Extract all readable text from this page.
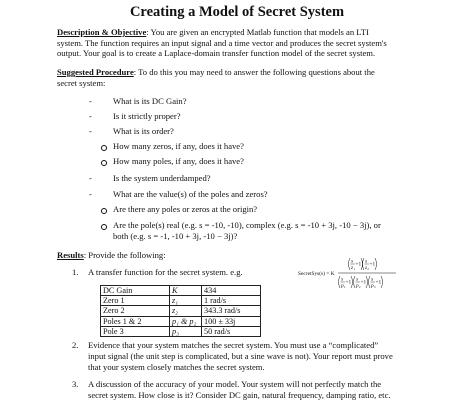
Creating a Model of Secret System
Description & Objective: You are given an encrypted Matlab function that models an LTI
system. The function requires an input signal and a time vector and produces the secret system's
output. Your goal is to create a Laplace-domain transfer function model of the secret system.
Suggested Procedure: To do this you may need to answer the following questions about the
secret system:
- What is its DC Gain?
- Is it strictly proper?
- What is its order?
How many zeros, if any, does it have?
How many poles, if any, does it have?
- Is the system underdamped?
- What are the value(s) of the poles and zeros?
Are there any poles or zeros at the origin?
Are the pole(s) real (e.g. s = -10, -10), complex (e.g. s = -10 + 3j, -10 − 3j), or
both (e.g. s = -1, -10 + 3j, -10 − 3j)?
Results: Provide the following:
1. A transfer function for the secret system. e.g.	SecretSys(s) = K
s
z₁
+1 s
z₂
+1
s
p₁
+1 s
p₂
+1 s
p₃
+1
DC Gain	K	434
Zero 1	z₁	1 rad/s
Zero 2	z₂	343.3 rad/s
Poles 1 & 2	p₁ & p₂	100 ± 33j
Pole 3	p₃	50 rad/s
2. Evidence that your system matches the secret system. You must use a “complicated”
input signal (the unit step is complicated, but a sine wave is not). Your report must prove
that your system closely matches the secret system.
3. A discussion of the accuracy of your model. Your system will not perfectly match the
secret system. How close is it? Consider DC gain, natural frequency, damping ratio, etc.
